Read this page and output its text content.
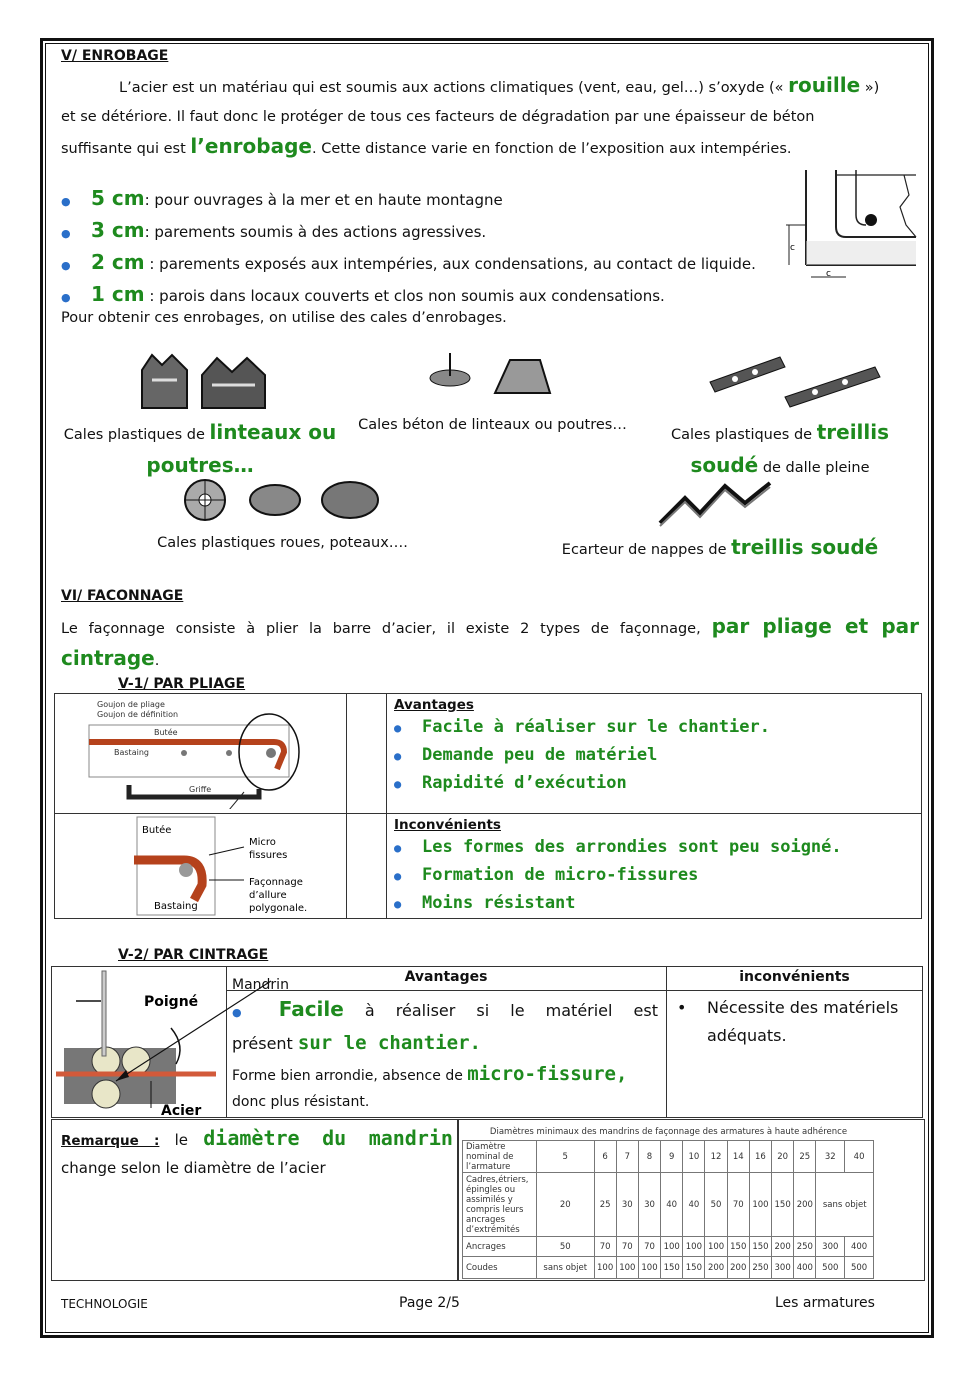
V/ ENROBAGE
L’acier est un matériau qui est soumis aux actions climatiques (vent, eau, gel…) s’oxyde (« rouille »)
et se détériore. Il faut donc le protéger de tous ces facteurs de dégradation par une épaisseur de béton
suffisante qui est l’enrobage. Cette distance varie en fonction de l’exposition aux intempéries.
● 5 cm: pour ouvrages à la mer et en haute montagne
● 3 cm: parements soumis à des actions agressives.
● 2 cm : parements exposés aux intempéries, aux condensations, au contact de liquide.
● 1 cm : parois dans locaux couverts et clos non soumis aux condensations.
Pour obtenir ces enrobages, on utilise des cales d’enrobages.
c
c
Cales plastiques de linteaux ou
poutres…
Cales béton de linteaux ou poutres…
Cales plastiques de treillis
soudé de dalle pleine
Cales plastiques roues, poteaux….	Ecarteur de nappes de treillis soudé
VI/ FACONNAGE
Le façonnage consiste à plier la barre d’acier, il existe 2 types de façonnage, par pliage et par
cintrage.
V-1/ PAR PLIAGE
Goujon de pliage
Goujon de définition
Butée
Bastaing
Griffe
Butée
Micro
fissures
Façonnage
d’allure
polygonale.
Bastaing
Avantages
● Facile à réaliser sur le chantier.
● Demande peu de matériel
● Rapidité d’exécution
Inconvénients
● Les formes des arrondies sont peu soigné.
● Formation de micro-fissures
● Moins résistant
V-2/ PAR CINTRAGE
Poigné
Acier
Mandrin	Avantages	inconvénients
● Facile à réaliser si le matériel est
présent sur le chantier.
Forme bien arrondie, absence de micro-fissure,
donc plus résistant.
• Nécessite des matériels adéquats.
Remarque : le diamètre du mandrin
change selon le diamètre de l’acier
Diamètres minimaux des mandrins de façonnage des armatures à haute adhérence
Diamètre nominal de l’armature	5	6	7	8	9	10	12	14	16	20	25	32	40
Cadres,étriers, épingles ou assimilés y compris leurs ancrages d’extrémités	20	25	30	30	40	40	50	70	100	150	200	sans objet	
Ancrages	50	70	70	70	100	100	100	150	150	200	250	300	400
Coudes	sans objet	100	100	100	150	150	200	200	250	300	400	500	500
TECHNOLOGIE	Page 2/5	Les armatures
